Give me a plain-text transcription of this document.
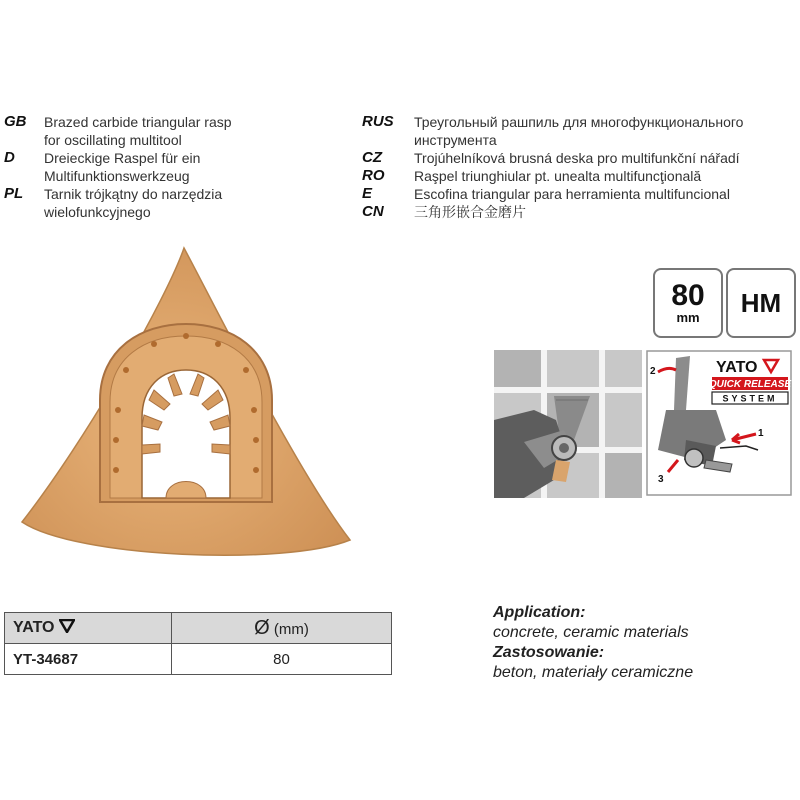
GB	Brazed carbide triangular rasp
for oscillating multitool
D	Dreieckige Raspel für ein
Multifunktionswerkzeug
PL	Tarnik trójkątny do narzędzia
wielofunkcyjnego
RUS	Треугольный рашпиль для многофункционального
инструмента
CZ	Trojúhelníková brusná deska pro multifunkční nářadí
RO	Raşpel triunghiular pt. unealta multifuncţională
E	Escofina triangular para herramienta multifuncional
CN	三角形嵌合金磨片
80
mm HM
YATO
QUICK RELEASE
SYSTEM
1
2
3
YATO	Ø (mm)
YT-34687	80
Application:
concrete, ceramic materials
Zastosowanie:
beton, materiały ceramiczne
